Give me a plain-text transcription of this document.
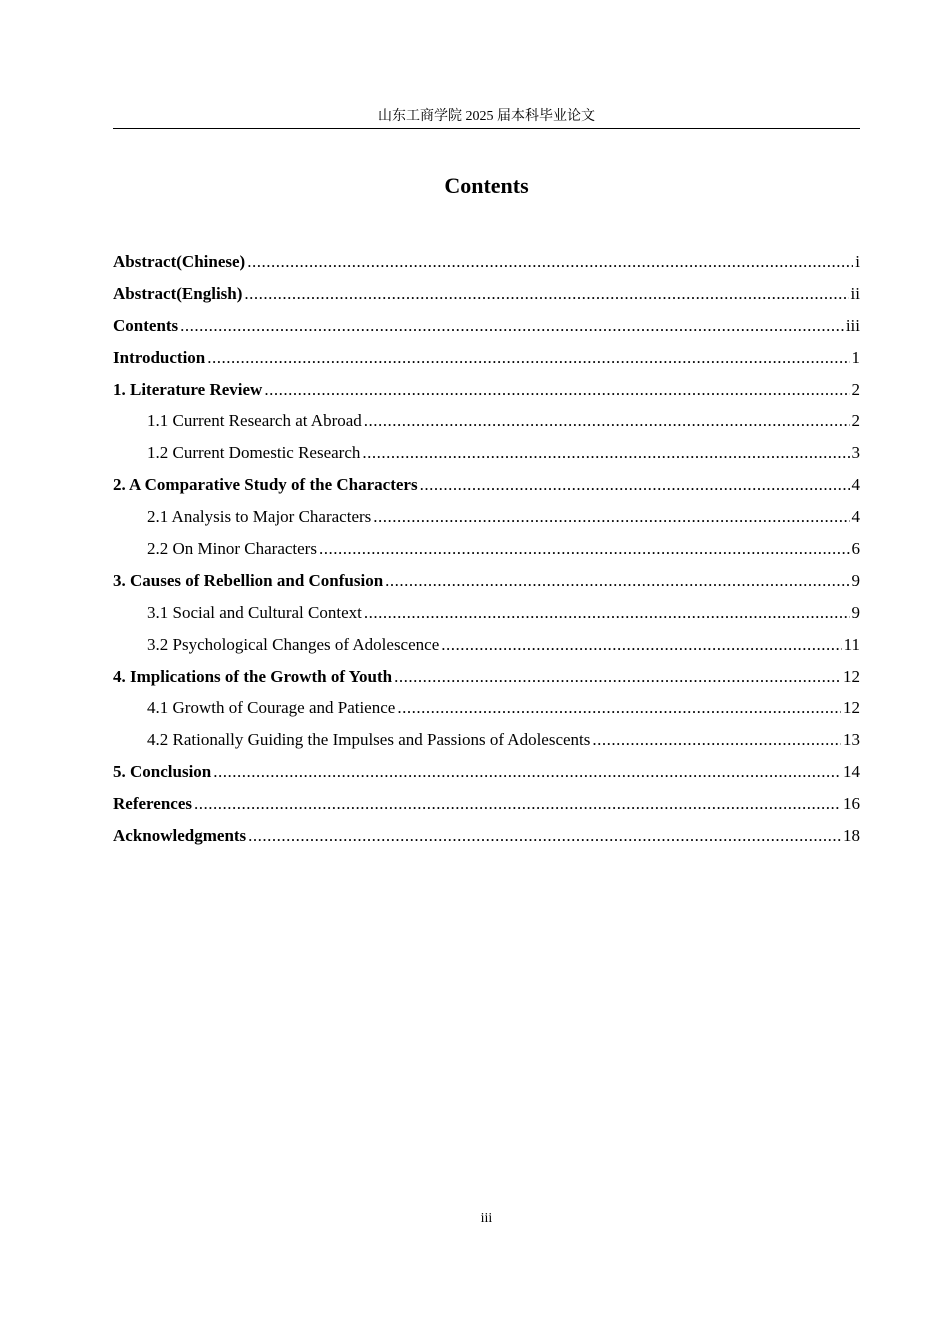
山东工商学院 2025 届本科毕业论文
Contents
Abstract(Chinese) .....	i
Abstract(English) .....	ii
Contents .....	iii
Introduction .....	1
1. Literature Review .....	2
1.1 Current Research at Abroad .....	2
1.2 Current Domestic Research .....	3
2. A Comparative Study of the Characters .....	4
2.1 Analysis to Major Characters .....	4
2.2 On Minor Characters .....	6
3. Causes of Rebellion and Confusion .....	9
3.1 Social and Cultural Context .....	9
3.2 Psychological Changes of Adolescence .....	11
4. Implications of the Growth of Youth .....	12
4.1 Growth of Courage and Patience .....	12
4.2 Rationally Guiding the Impulses and Passions of Adolescents .....	13
5. Conclusion .....	14
References .....	16
Acknowledgments .....	18
iii
